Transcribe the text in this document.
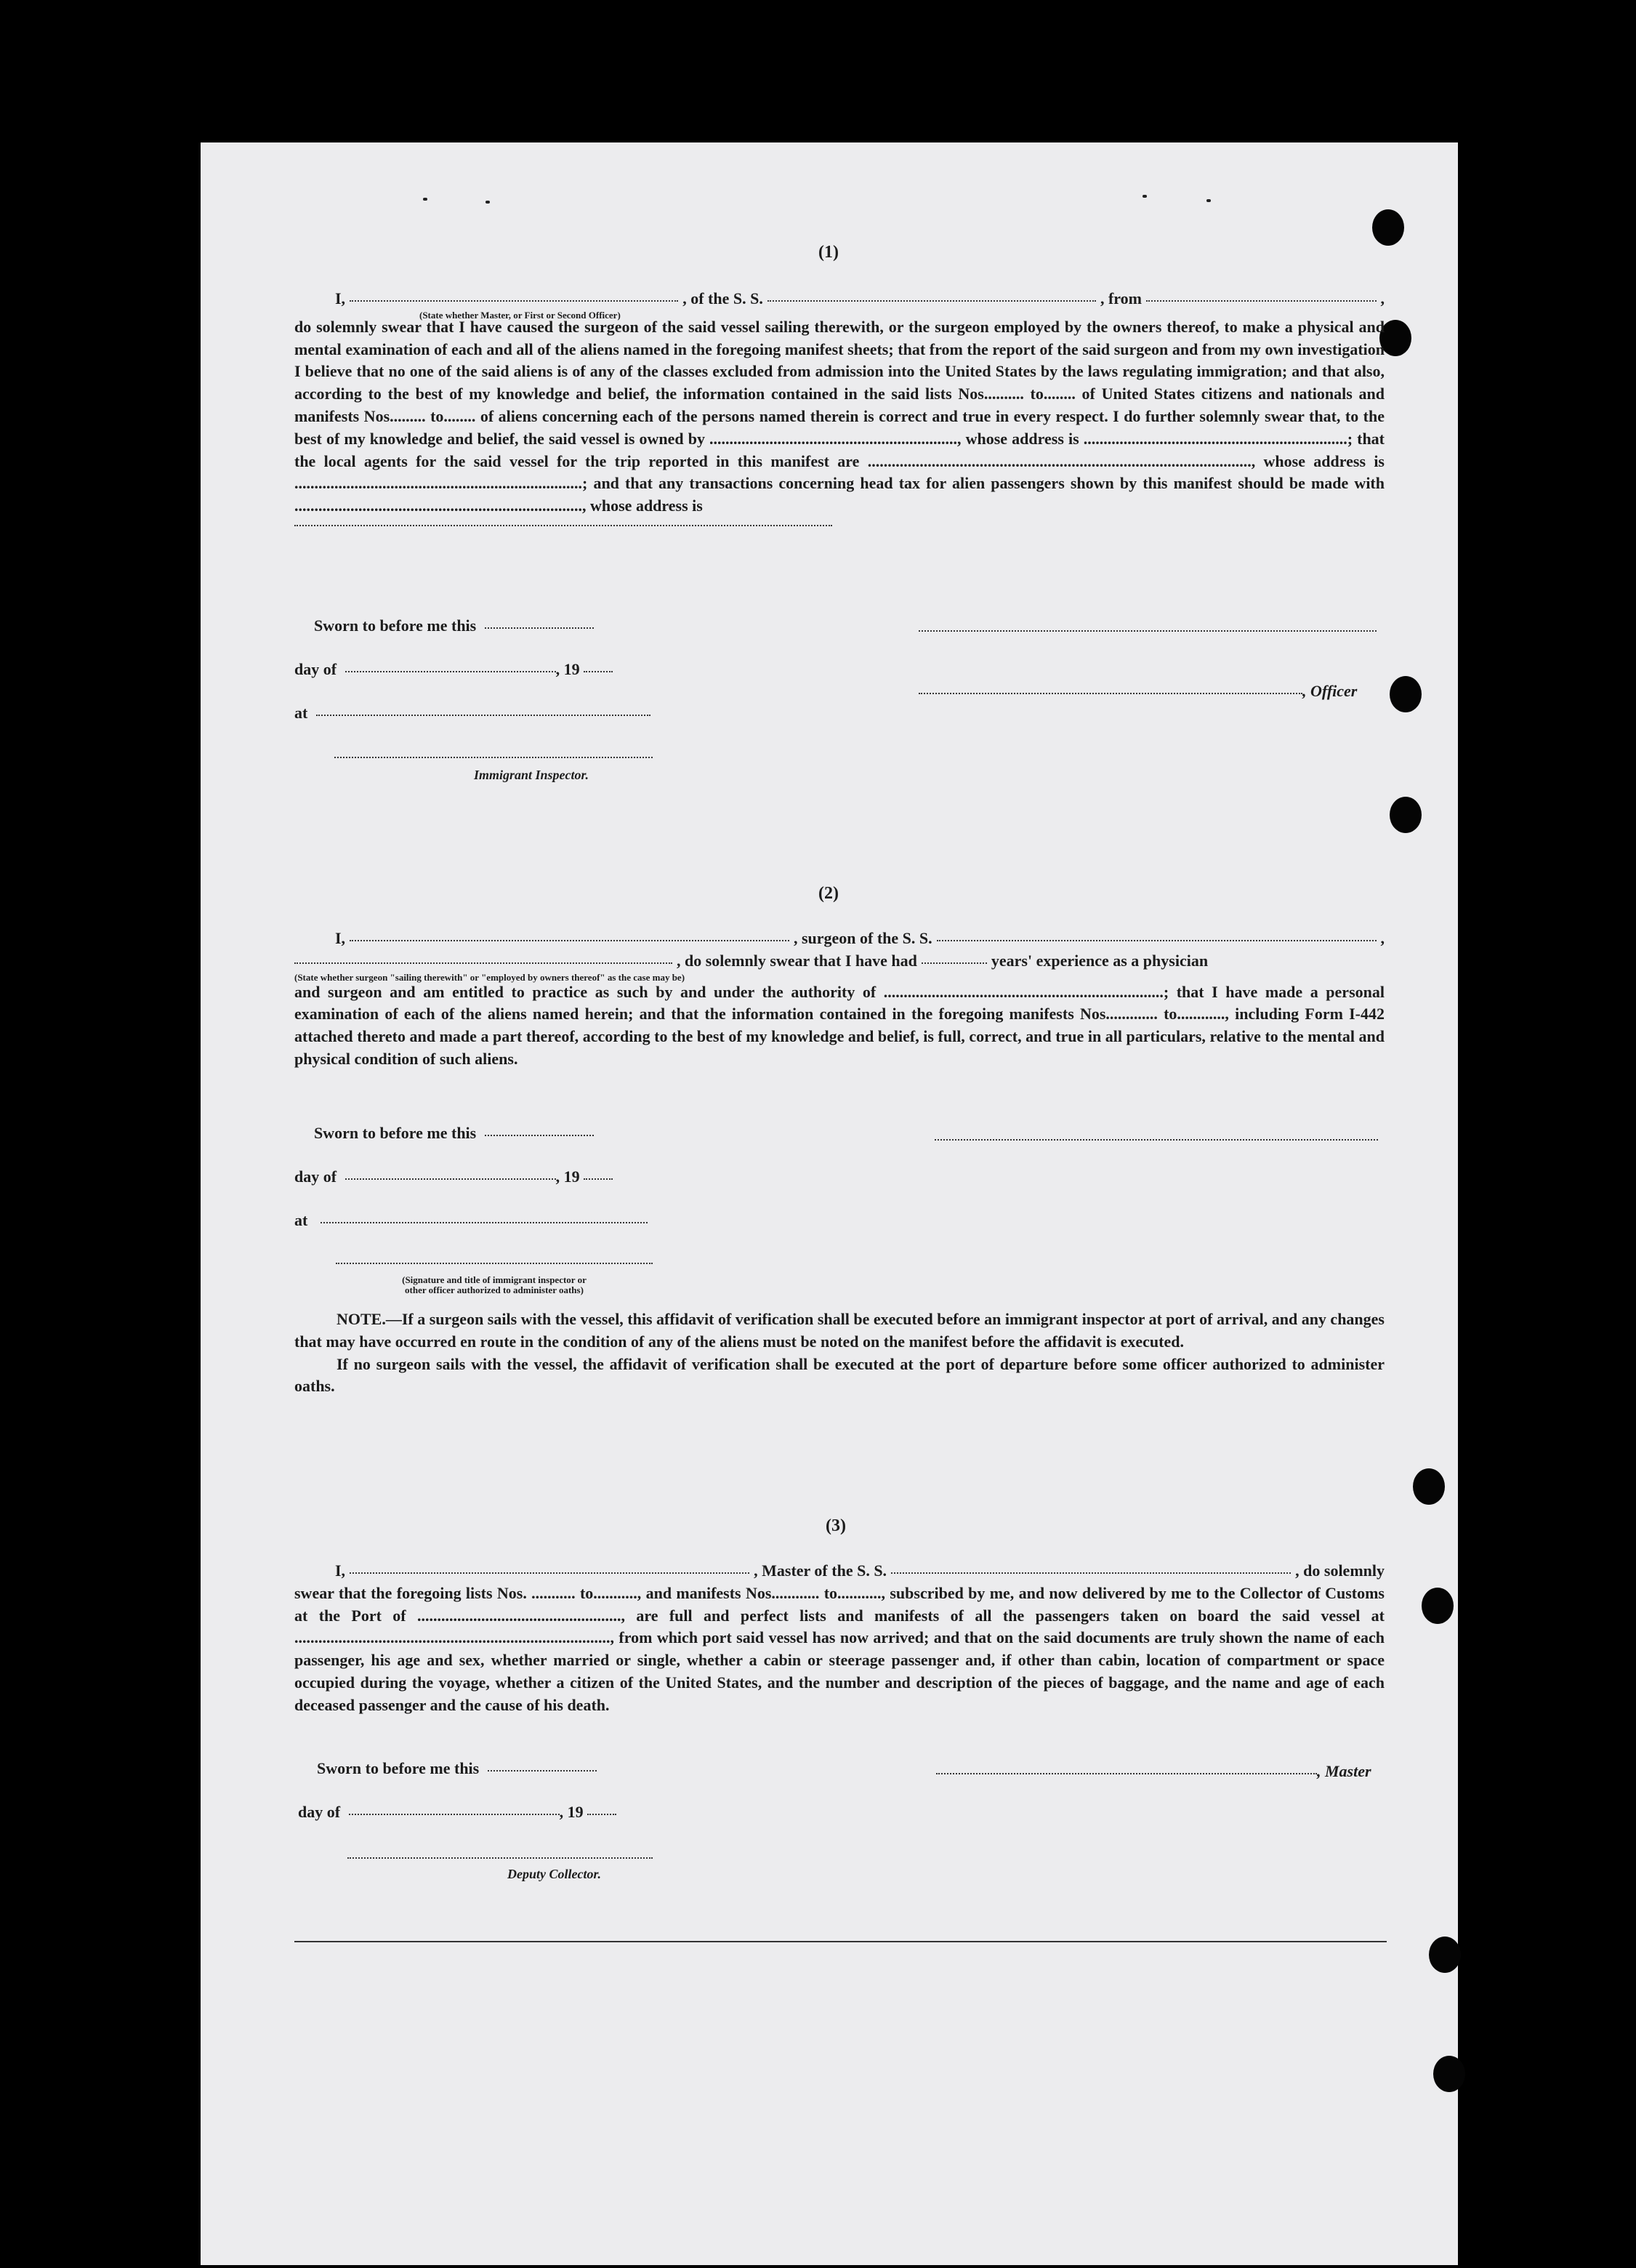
(1)
I,	, of the S. S.	, from	,
(State whether Master, or First or Second Officer)

do solemnly swear that I have caused the surgeon of the said vessel sailing therewith, or the surgeon employed by the owners thereof, to make a physical and mental examination of each and all of the aliens named in the foregoing manifest sheets; that from the report of the said surgeon and from my own investigation I believe that no one of the said aliens is of any of the classes excluded from admission into the United States by the laws regulating immigration; and that also, according to the best of my knowledge and belief, the information contained in the said lists Nos.......... to........ of United States citizens and nationals and manifests Nos......... to........ of aliens concerning each of the persons named therein is correct and true in every respect. I do further solemnly swear that, to the best of my knowledge and belief, the said vessel is owned by .............................................................., whose address is ..................................................................; that the local agents for the said vessel for the trip reported in this manifest are ................................................................................................, whose address is ........................................................................; and that any transactions concerning head tax for alien passengers shown by this manifest should be made with ........................................................................, whose address is

Sworn to before me this
day of	, 19
at
Immigrant Inspector.
, Officer
(2)
I,	, surgeon of the S. S.	,
, do solemnly swear that I have had	years' experience as a physician
(State whether surgeon "sailing therewith" or "employed by owners thereof" as the case may be)

and surgeon and am entitled to practice as such by and under the authority of ......................................................................; that I have made a personal examination of each of the aliens named herein; and that the information contained in the foregoing manifests Nos............. to............, including Form I-442 attached thereto and made a part thereof, according to the best of my knowledge and belief, is full, correct, and true in all particulars, relative to the mental and physical condition of such aliens.

Sworn to before me this
day of	, 19
at
(Signature and title of immigrant inspector or
other officer authorized to administer oaths)

NOTE.—If a surgeon sails with the vessel, this affidavit of verification shall be executed before an immigrant inspector at port of arrival, and any changes that may have occurred en route in the condition of any of the aliens must be noted on the manifest before the affidavit is executed.

If no surgeon sails with the vessel, the affidavit of verification shall be executed at the port of departure before some officer authorized to administer oaths.

(3)
I,	, Master of the S. S.	, do solemnly

swear that the foregoing lists Nos. ........... to..........., and manifests Nos............ to..........., subscribed by me, and now delivered by me to the Collector of Customs at the Port of ..................................................., are full and perfect lists and manifests of all the passengers taken on board the said vessel at ..............................................................................., from which port said vessel has now arrived; and that on the said documents are truly shown the name of each passenger, his age and sex, whether married or single, whether a cabin or steerage passenger and, if other than cabin, location of compartment or space occupied during the voyage, whether a citizen of the United States, and the number and description of the pieces of baggage, and the name and age of each deceased passenger and the cause of his death.

Sworn to before me this
day of	, 19
Deputy Collector.
, Master
